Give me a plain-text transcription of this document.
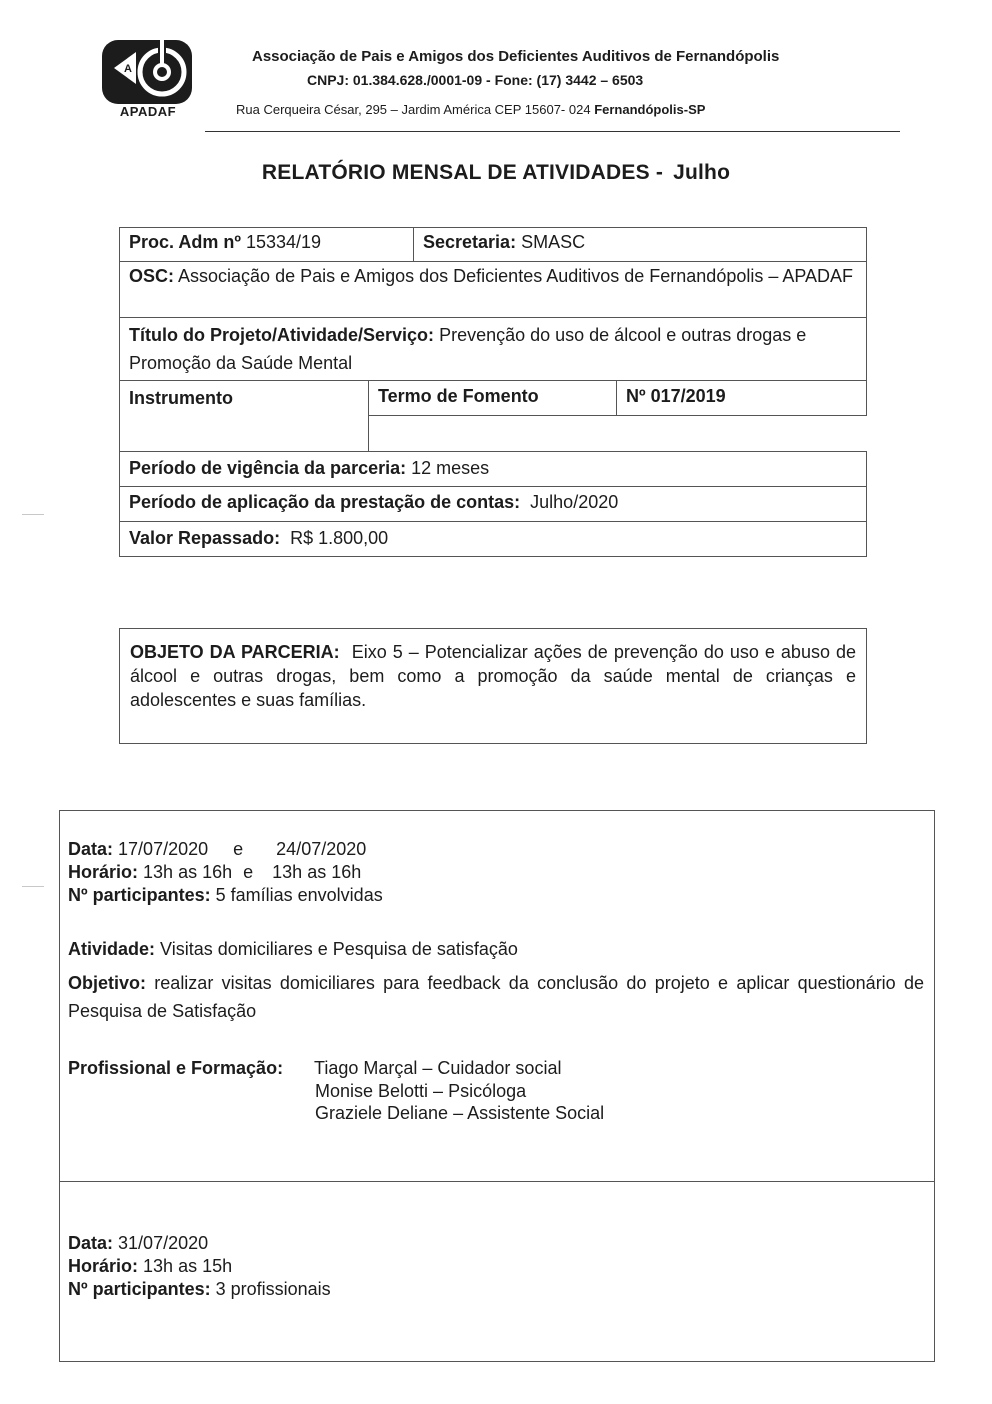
A
APADAF
Associação de Pais e Amigos dos Deficientes Auditivos de Fernandópolis
CNPJ: 01.384.628./0001-09 - Fone: (17) 3442 – 6503
Rua Cerqueira César, 295 – Jardim América CEP 15607- 024 Fernandópolis-SP
RELATÓRIO MENSAL DE ATIVIDADES - Julho
Proc. Adm nº 15334/19	Secretaria: SMASC
OSC: Associação de Pais e Amigos dos Deficientes Auditivos de Fernandópolis – APADAF
Título do Projeto/Atividade/Serviço: Prevenção do uso de álcool e outras drogas e Promoção da Saúde Mental
Instrumento	Termo de Fomento	Nº 017/2019
Período de vigência da parceria: 12 meses
Período de aplicação da prestação de contas: Julho/2020
Valor Repassado: R$ 1.800,00
OBJETO DA PARCERIA: Eixo 5 – Potencializar ações de prevenção do uso e abuso de álcool e outras drogas, bem como a promoção da saúde mental de crianças e adolescentes e suas famílias.
Data: 17/07/2020 e 24/07/2020
Horário: 13h as 16h e 13h as 16h
Nº participantes: 5 famílias envolvidas
Atividade: Visitas domiciliares e Pesquisa de satisfação
Objetivo: realizar visitas domiciliares para feedback da conclusão do projeto e aplicar questionário de Pesquisa de Satisfação
Profissional e Formação: Tiago Marçal – Cuidador social
Monise Belotti – Psicóloga
Graziele Deliane – Assistente Social
Data: 31/07/2020
Horário: 13h as 15h
Nº participantes: 3 profissionais
